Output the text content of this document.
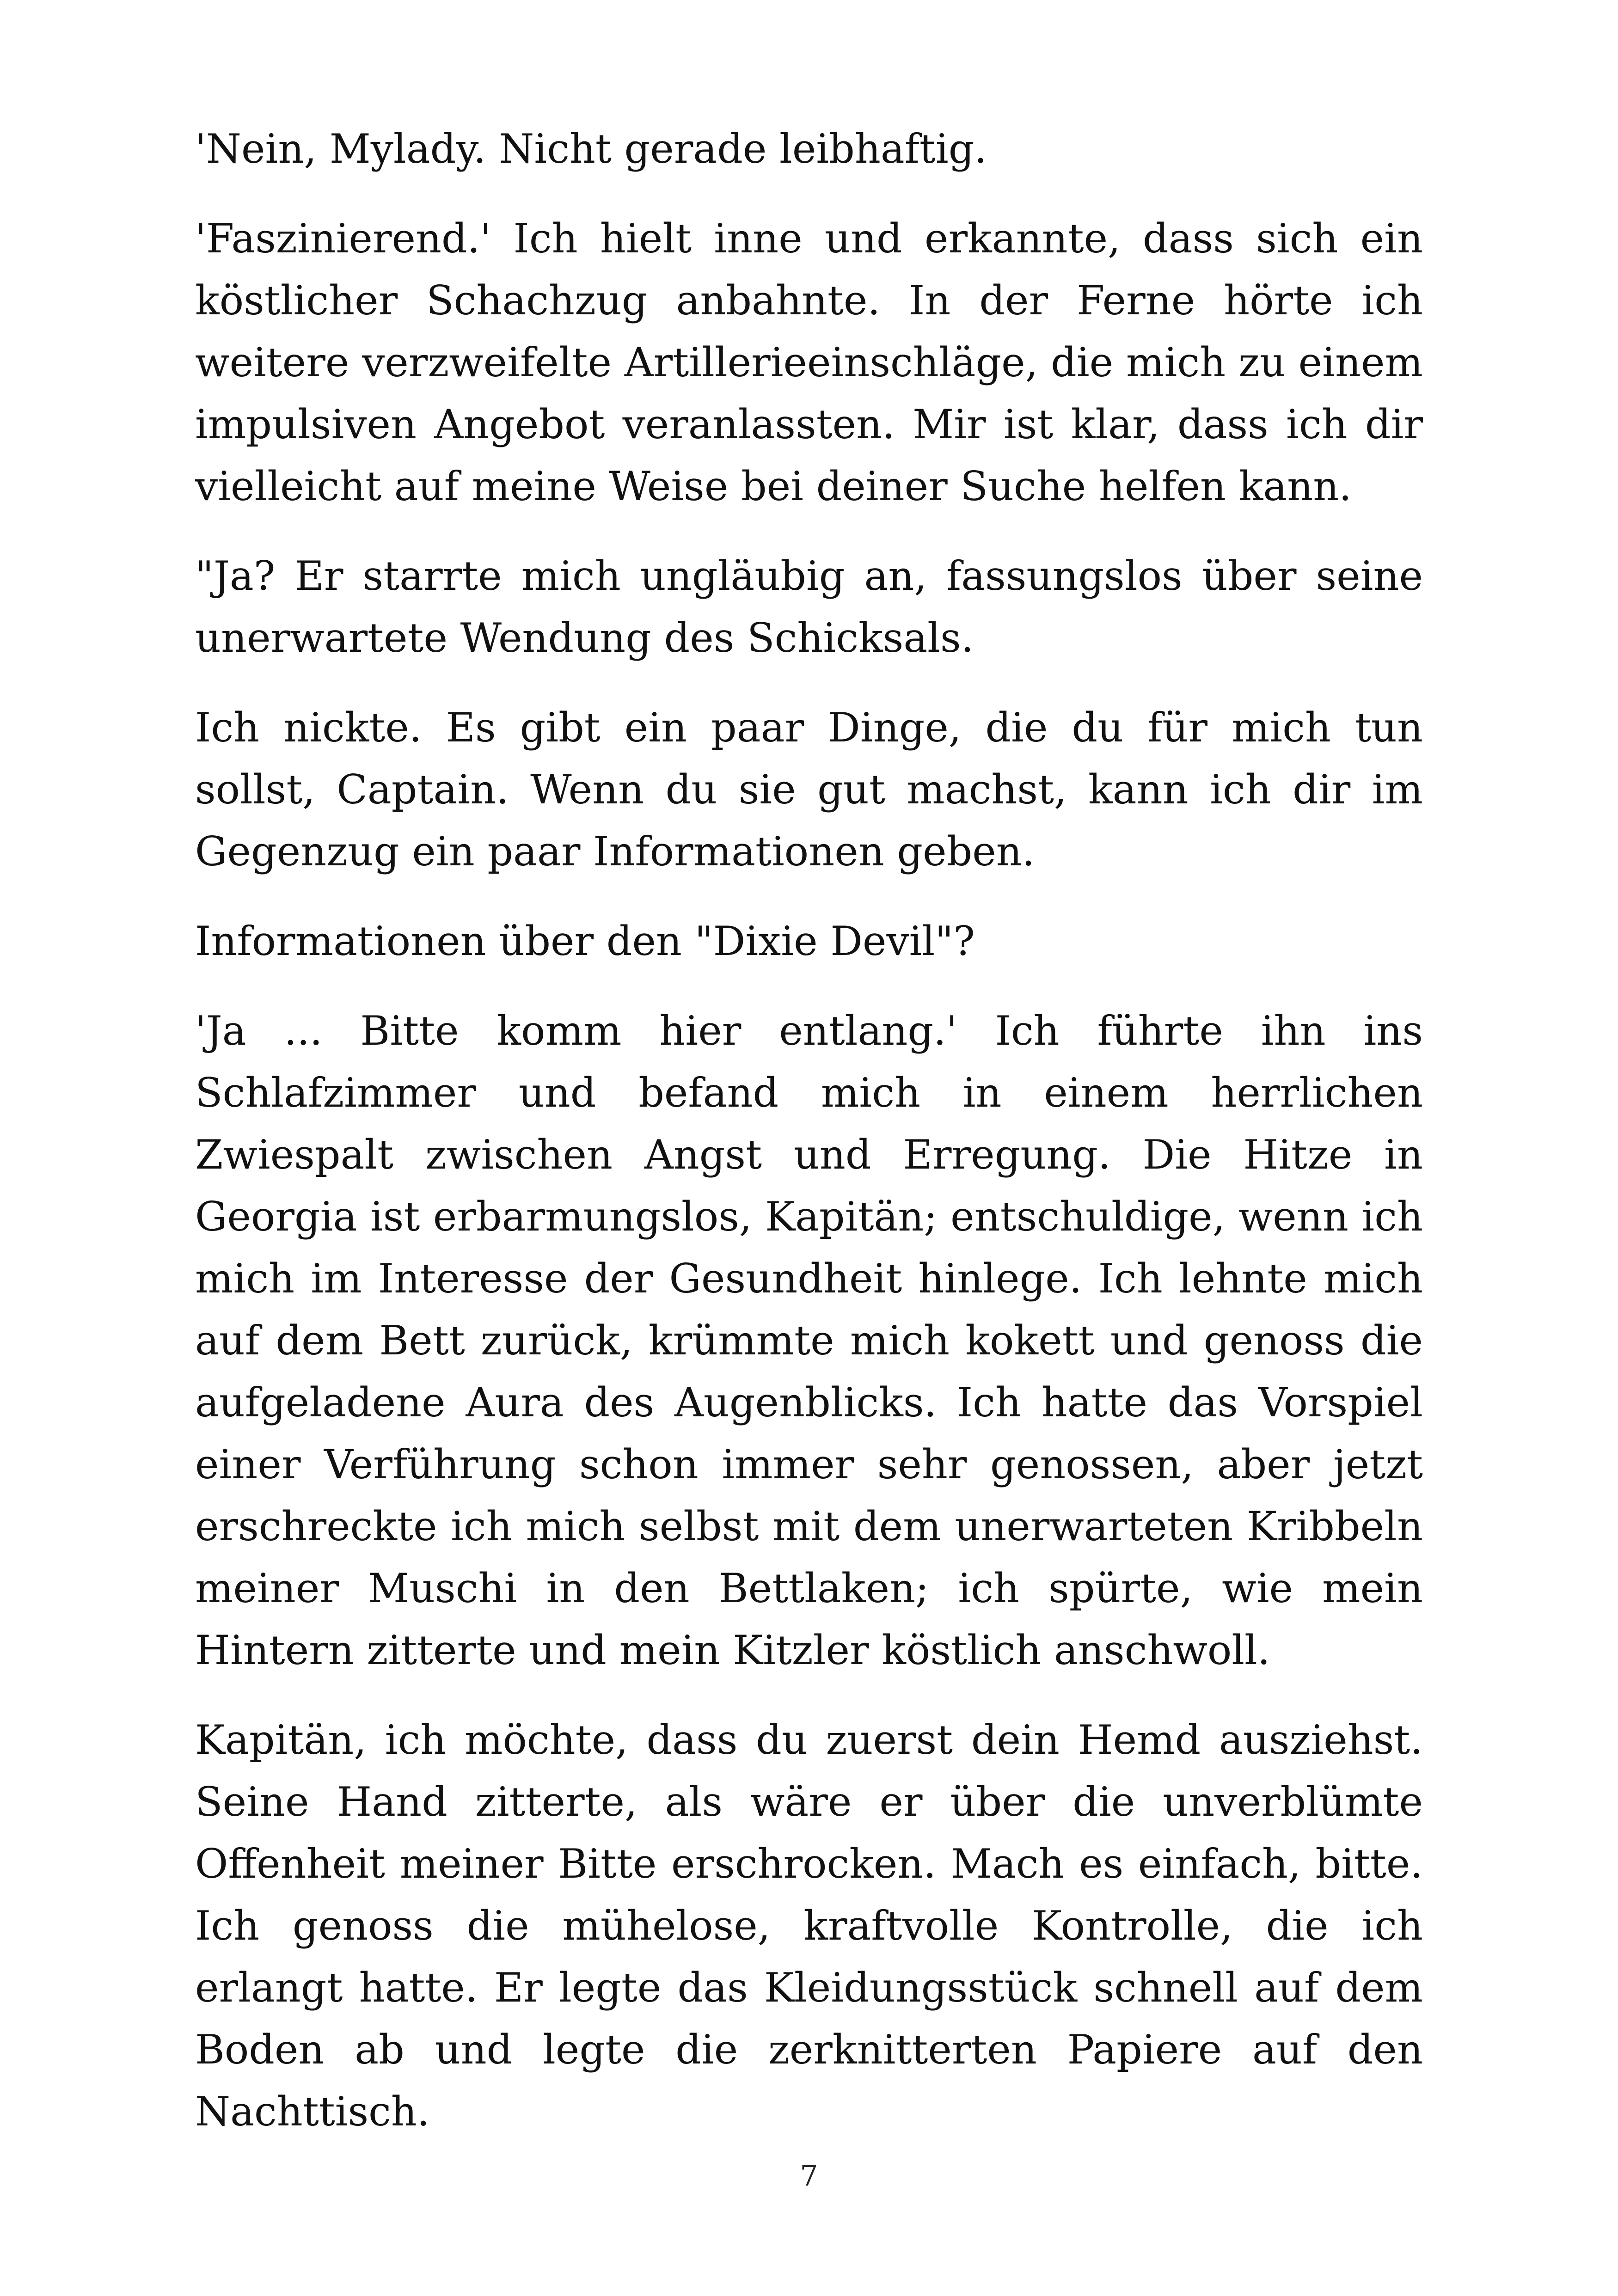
'Nein, Mylady. Nicht gerade leibhaftig.

'Faszinierend.' Ich hielt inne und erkannte, dass sich ein köstlicher Schachzug anbahnte. In der Ferne hörte ich weitere verzweifelte Artillerieeinschläge, die mich zu einem impulsiven Angebot veranlassten. Mir ist klar, dass ich dir vielleicht auf meine Weise bei deiner Suche helfen kann.

"Ja? Er starrte mich ungläubig an, fassungslos über seine unerwartete Wendung des Schicksals.

Ich nickte. Es gibt ein paar Dinge, die du für mich tun sollst, Captain. Wenn du sie gut machst, kann ich dir im Gegenzug ein paar Informationen geben.

Informationen über den "Dixie Devil"?

'Ja ... Bitte komm hier entlang.' Ich führte ihn ins Schlafzimmer und befand mich in einem herrlichen Zwiespalt zwischen Angst und Erregung. Die Hitze in Georgia ist erbarmungslos, Kapitän; entschuldige, wenn ich mich im Interesse der Gesundheit hinlege. Ich lehnte mich auf dem Bett zurück, krümmte mich kokett und genoss die aufgeladene Aura des Augenblicks. Ich hatte das Vorspiel einer Verführung schon immer sehr genossen, aber jetzt erschreckte ich mich selbst mit dem unerwarteten Kribbeln meiner Muschi in den Bettlaken; ich spürte, wie mein Hintern zitterte und mein Kitzler köstlich anschwoll.

Kapitän, ich möchte, dass du zuerst dein Hemd ausziehst. Seine Hand zitterte, als wäre er über die unverblümte Offenheit meiner Bitte erschrocken. Mach es einfach, bitte. Ich genoss die mühelose, kraftvolle Kontrolle, die ich erlangt hatte. Er legte das Kleidungsstück schnell auf dem Boden ab und legte die zerknitterten Papiere auf den Nachttisch.

7
